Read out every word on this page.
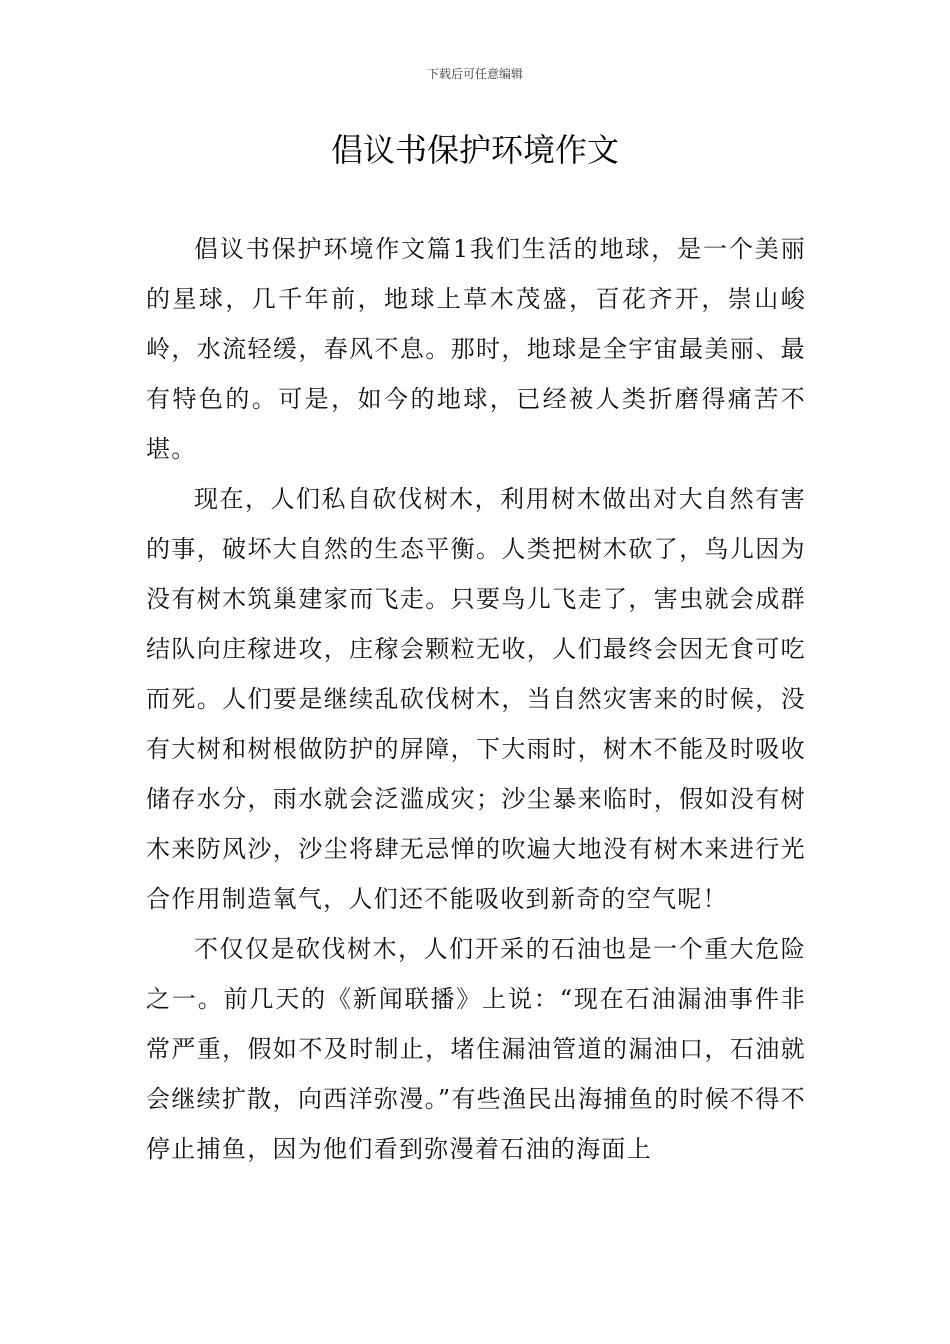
下载后可任意编辑
倡议书保护环境作文

倡议书保护环境作文篇1我们生活的地球，是一个美丽的星球，几千年前，地球上草木茂盛，百花齐开，崇山峻岭，水流轻缓，春风不息。那时，地球是全宇宙最美丽、最有特色的。可是，如今的地球，已经被人类折磨得痛苦不堪。

现在，人们私自砍伐树木，利用树木做出对大自然有害的事，破坏大自然的生态平衡。人类把树木砍了，鸟儿因为没有树木筑巢建家而飞走。只要鸟儿飞走了，害虫就会成群结队向庄稼进攻，庄稼会颗粒无收，人们最终会因无食可吃而死。人们要是继续乱砍伐树木，当自然灾害来的时候，没有大树和树根做防护的屏障，下大雨时，树木不能及时吸收储存水分，雨水就会泛滥成灾；沙尘暴来临时，假如没有树木来防风沙，沙尘将肆无忌惮的吹遍大地没有树木来进行光合作用制造氧气，人们还不能吸收到新奇的空气呢！

不仅仅是砍伐树木，人们开采的石油也是一个重大危险之一。前几天的《新闻联播》上说：“现在石油漏油事件非常严重，假如不及时制止，堵住漏油管道的漏油口，石油就会继续扩散，向西洋弥漫。”有些渔民出海捕鱼的时候不得不停止捕鱼，因为他们看到弥漫着石油的海面上
